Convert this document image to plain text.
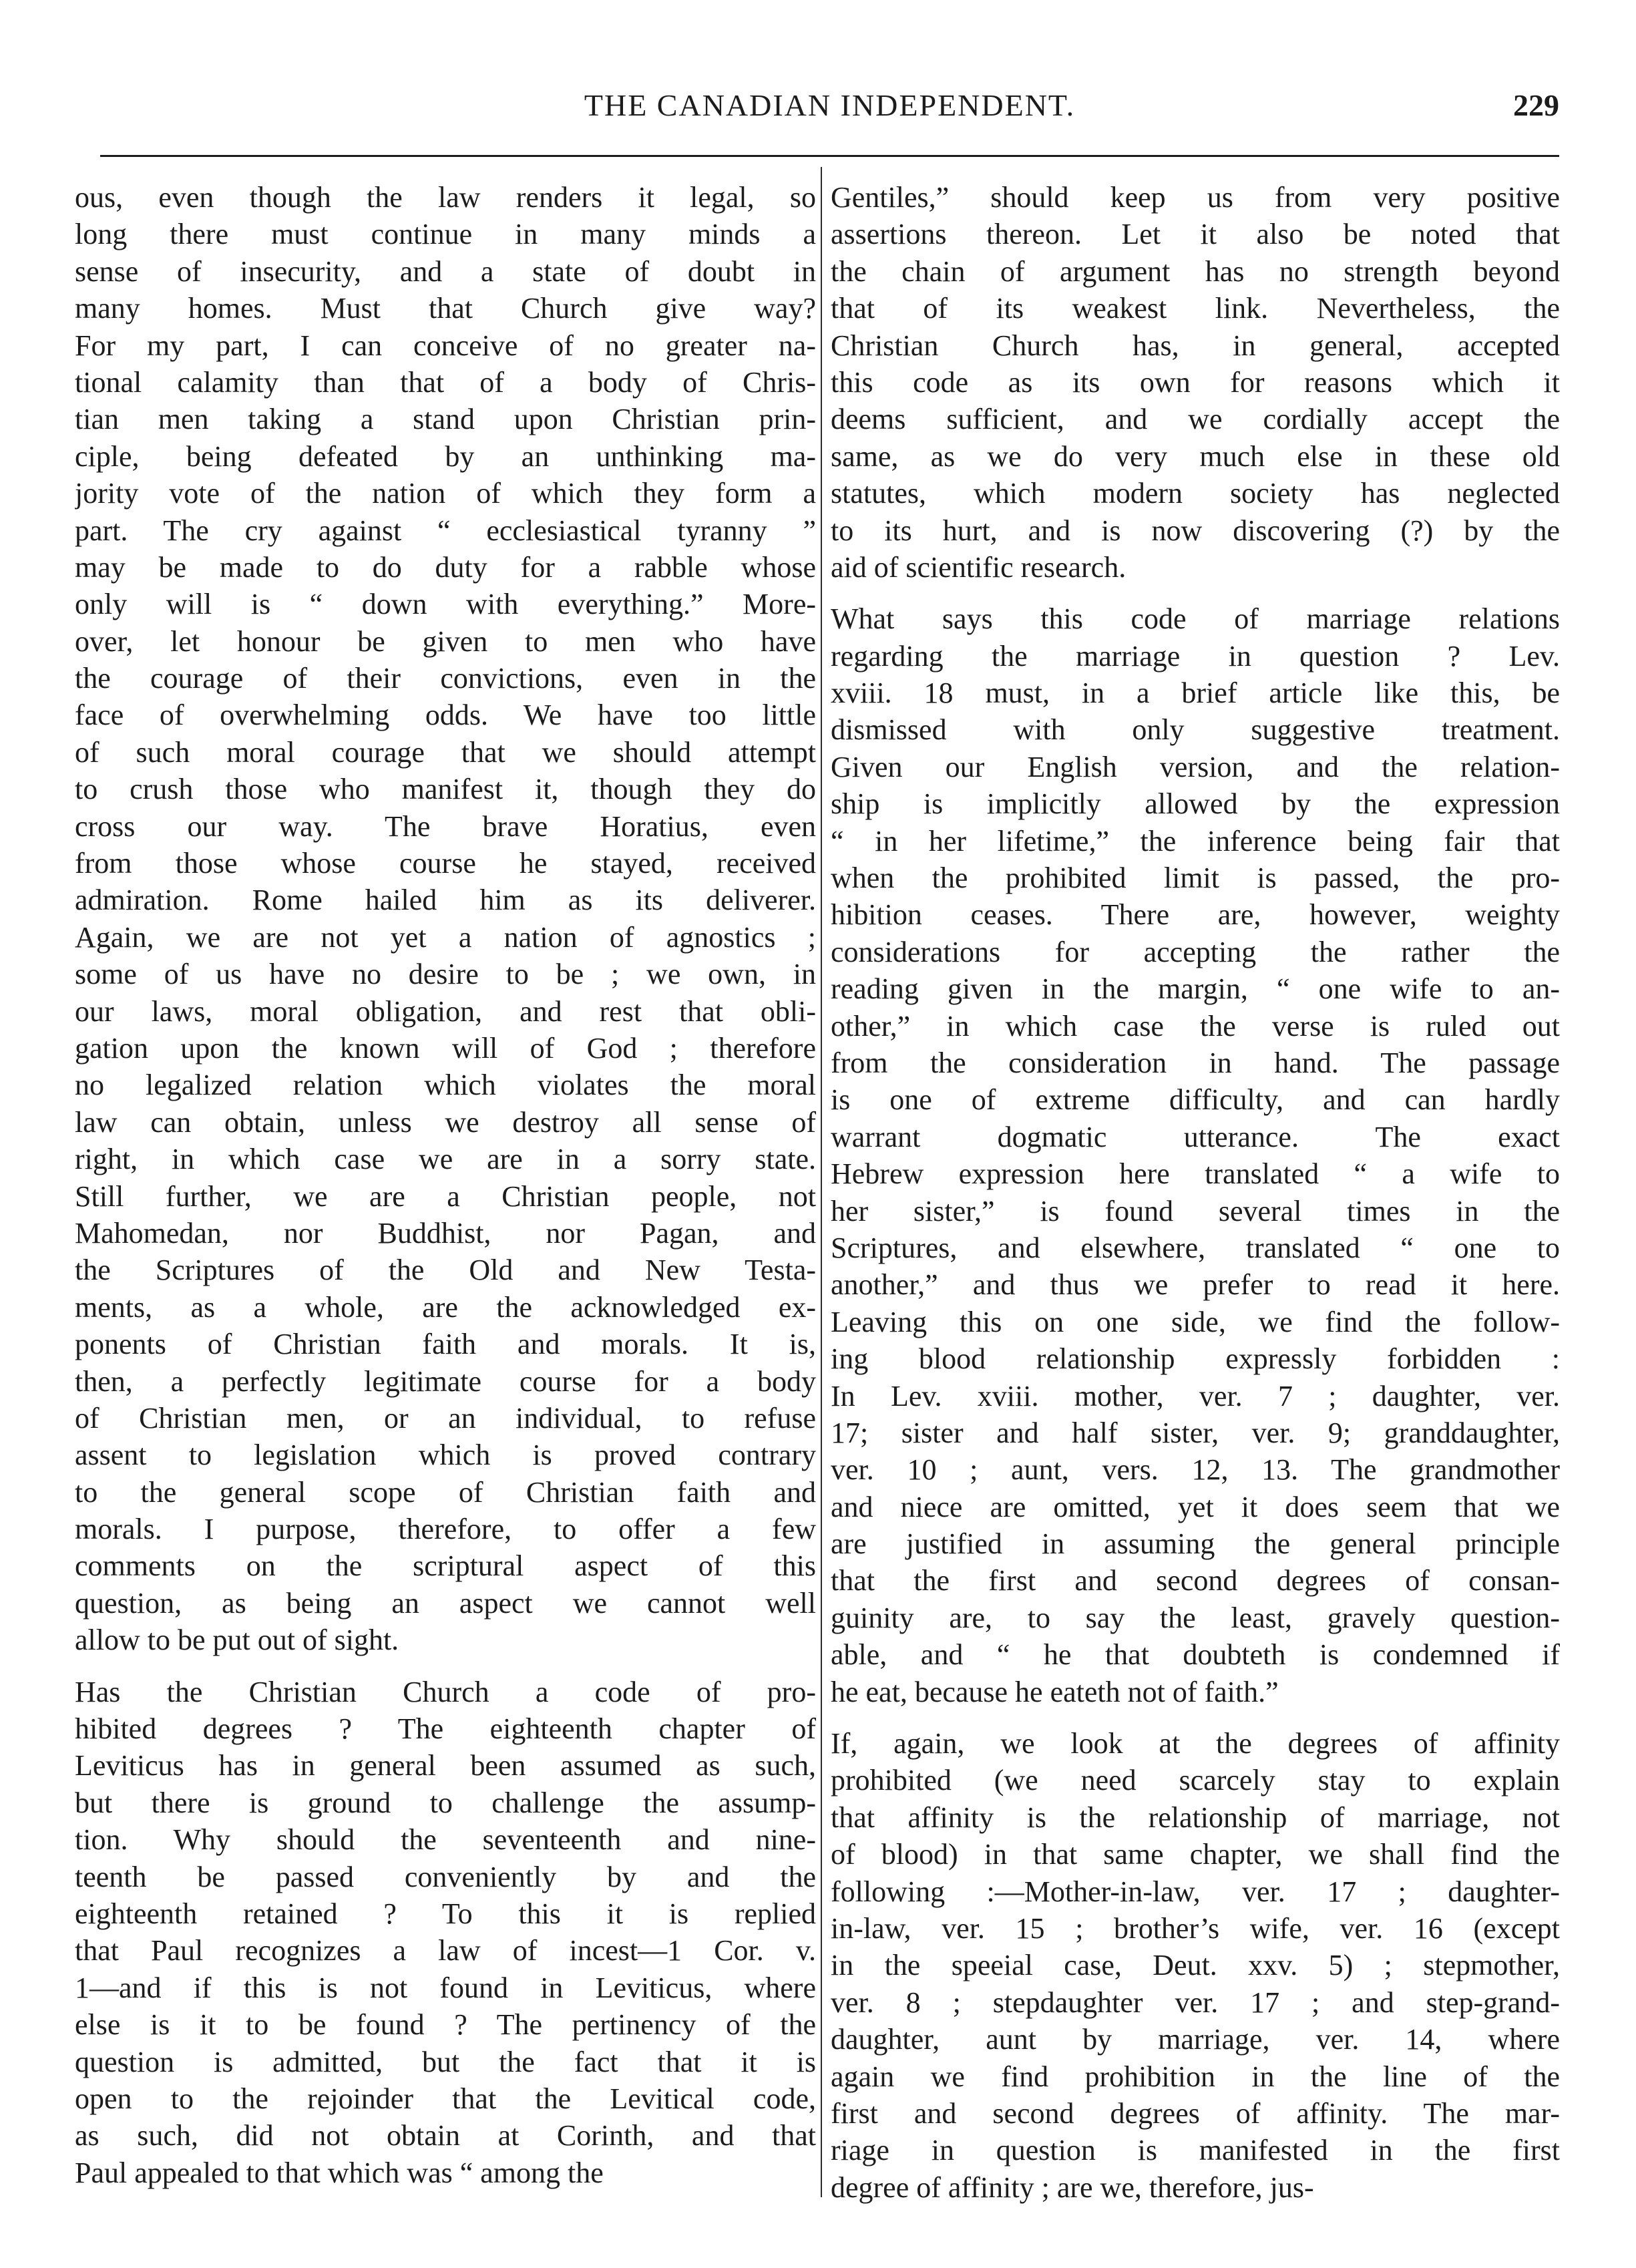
THE CANADIAN INDEPENDENT.	229
ous, even though the law renders it legal, so
long there must continue in many minds a
sense of insecurity, and a state of doubt in
many homes. Must that Church give way?
For my part, I can conceive of no greater na-
tional calamity than that of a body of Chris-
tian men taking a stand upon Christian prin-
ciple, being defeated by an unthinking ma-
jority vote of the nation of which they form a
part. The cry against “ ecclesiastical tyranny ”
may be made to do duty for a rabble whose
only will is “ down with everything.” More-
over, let honour be given to men who have
the courage of their convictions, even in the
face of overwhelming odds. We have too little
of such moral courage that we should attempt
to crush those who manifest it, though they do
cross our way. The brave Horatius, even
from those whose course he stayed, received
admiration. Rome hailed him as its deliverer.
Again, we are not yet a nation of agnostics ;
some of us have no desire to be ; we own, in
our laws, moral obligation, and rest that obli-
gation upon the known will of God ; therefore
no legalized relation which violates the moral
law can obtain, unless we destroy all sense of
right, in which case we are in a sorry state.
Still further, we are a Christian people, not
Mahomedan, nor Buddhist, nor Pagan, and
the Scriptures of the Old and New Testa-
ments, as a whole, are the acknowledged ex-
ponents of Christian faith and morals. It is,
then, a perfectly legitimate course for a body
of Christian men, or an individual, to refuse
assent to legislation which is proved contrary
to the general scope of Christian faith and
morals. I purpose, therefore, to offer a few
comments on the scriptural aspect of this
question, as being an aspect we cannot well
allow to be put out of sight.
Has the Christian Church a code of pro-
hibited degrees ? The eighteenth chapter of
Leviticus has in general been assumed as such,
but there is ground to challenge the assump-
tion. Why should the seventeenth and nine-
teenth be passed conveniently by and the
eighteenth retained ? To this it is replied
that Paul recognizes a law of incest—1 Cor. v.
1—and if this is not found in Leviticus, where
else is it to be found ? The pertinency of the
question is admitted, but the fact that it is
open to the rejoinder that the Levitical code,
as such, did not obtain at Corinth, and that
Paul appealed to that which was “ among the
Gentiles,” should keep us from very positive
assertions thereon. Let it also be noted that
the chain of argument has no strength beyond
that of its weakest link. Nevertheless, the
Christian Church has, in general, accepted
this code as its own for reasons which it
deems sufficient, and we cordially accept the
same, as we do very much else in these old
statutes, which modern society has neglected
to its hurt, and is now discovering (?) by the
aid of scientific research.
What says this code of marriage relations
regarding the marriage in question ? Lev.
xviii. 18 must, in a brief article like this, be
dismissed with only suggestive treatment.
Given our English version, and the relation-
ship is implicitly allowed by the expression
“ in her lifetime,” the inference being fair that
when the prohibited limit is passed, the pro-
hibition ceases. There are, however, weighty
considerations for accepting the rather the
reading given in the margin, “ one wife to an-
other,” in which case the verse is ruled out
from the consideration in hand. The passage
is one of extreme difficulty, and can hardly
warrant dogmatic utterance. The exact
Hebrew expression here translated “ a wife to
her sister,” is found several times in the
Scriptures, and elsewhere, translated “ one to
another,” and thus we prefer to read it here.
Leaving this on one side, we find the follow-
ing blood relationship expressly forbidden :
In Lev. xviii. mother, ver. 7 ; daughter, ver.
17; sister and half sister, ver. 9; granddaughter,
ver. 10 ; aunt, vers. 12, 13. The grandmother
and niece are omitted, yet it does seem that we
are justified in assuming the general principle
that the first and second degrees of consan-
guinity are, to say the least, gravely question-
able, and “ he that doubteth is condemned if
he eat, because he eateth not of faith.”
If, again, we look at the degrees of affinity
prohibited (we need scarcely stay to explain
that affinity is the relationship of marriage, not
of blood) in that same chapter, we shall find the
following :—Mother-in-law, ver. 17 ; daughter-
in-law, ver. 15 ; brother’s wife, ver. 16 (except
in the speeial case, Deut. xxv. 5) ; stepmother,
ver. 8 ; stepdaughter ver. 17 ; and step-grand-
daughter, aunt by marriage, ver. 14, where
again we find prohibition in the line of the
first and second degrees of affinity. The mar-
riage in question is manifested in the first
degree of affinity ; are we, therefore, jus-
